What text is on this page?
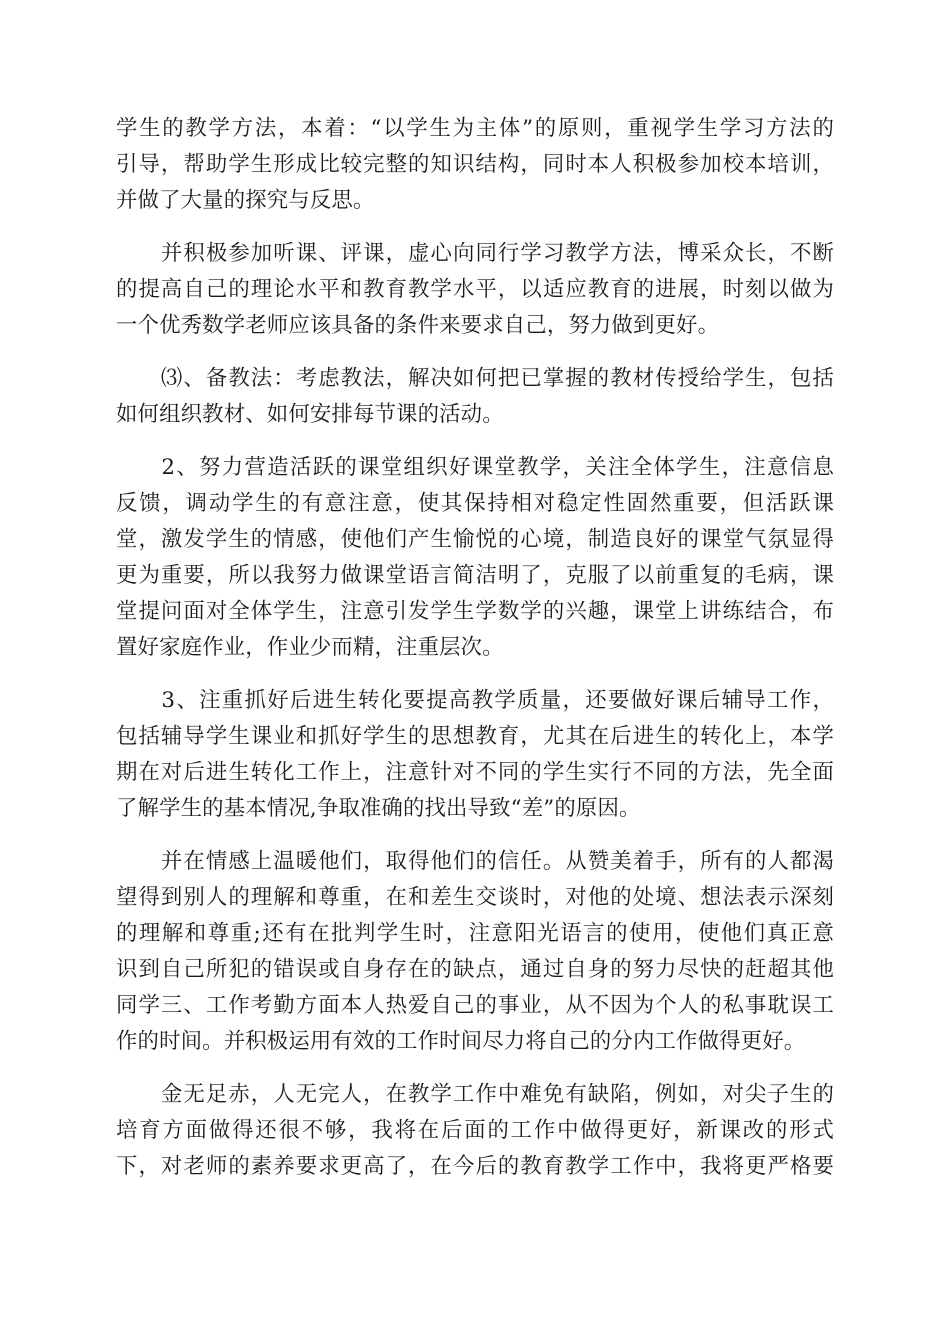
学生的教学方法，本着：“以学生为主体”的原则，重视学生学习方法的
引导，帮助学生形成比较完整的知识结构，同时本人积极参加校本培训，
并做了大量的探究与反思。

　　并积极参加听课、评课，虚心向同行学习教学方法，博采众长，不断
的提高自己的理论水平和教育教学水平，以适应教育的进展，时刻以做为
一个优秀数学老师应该具备的条件来要求自己，努力做到更好。

　　⑶、备教法：考虑教法，解决如何把已掌握的教材传授给学生，包括
如何组织教材、如何安排每节课的活动。

　　2、努力营造活跃的课堂组织好课堂教学，关注全体学生，注意信息
反馈，调动学生的有意注意，使其保持相对稳定性固然重要，但活跃课
堂，激发学生的情感，使他们产生愉悦的心境，制造良好的课堂气氛显得
更为重要，所以我努力做课堂语言简洁明了，克服了以前重复的毛病，课
堂提问面对全体学生，注意引发学生学数学的兴趣，课堂上讲练结合，布
置好家庭作业，作业少而精，注重层次。

　　3、注重抓好后进生转化要提高教学质量，还要做好课后辅导工作，
包括辅导学生课业和抓好学生的思想教育，尤其在后进生的转化上，本学
期在对后进生转化工作上，注意针对不同的学生实行不同的方法，先全面
了解学生的基本情况,争取准确的找出导致“差”的原因。

　　并在情感上温暖他们，取得他们的信任。从赞美着手，所有的人都渴
望得到别人的理解和尊重，在和差生交谈时，对他的处境、想法表示深刻
的理解和尊重;还有在批判学生时，注意阳光语言的使用，使他们真正意
识到自己所犯的错误或自身存在的缺点，通过自身的努力尽快的赶超其他
同学三、工作考勤方面本人热爱自己的事业，从不因为个人的私事耽误工
作的时间。并积极运用有效的工作时间尽力将自己的分内工作做得更好。

　　金无足赤，人无完人，在教学工作中难免有缺陷，例如，对尖子生的
培育方面做得还很不够，我将在后面的工作中做得更好，新课改的形式
下，对老师的素养要求更高了，在今后的教育教学工作中，我将更严格要
